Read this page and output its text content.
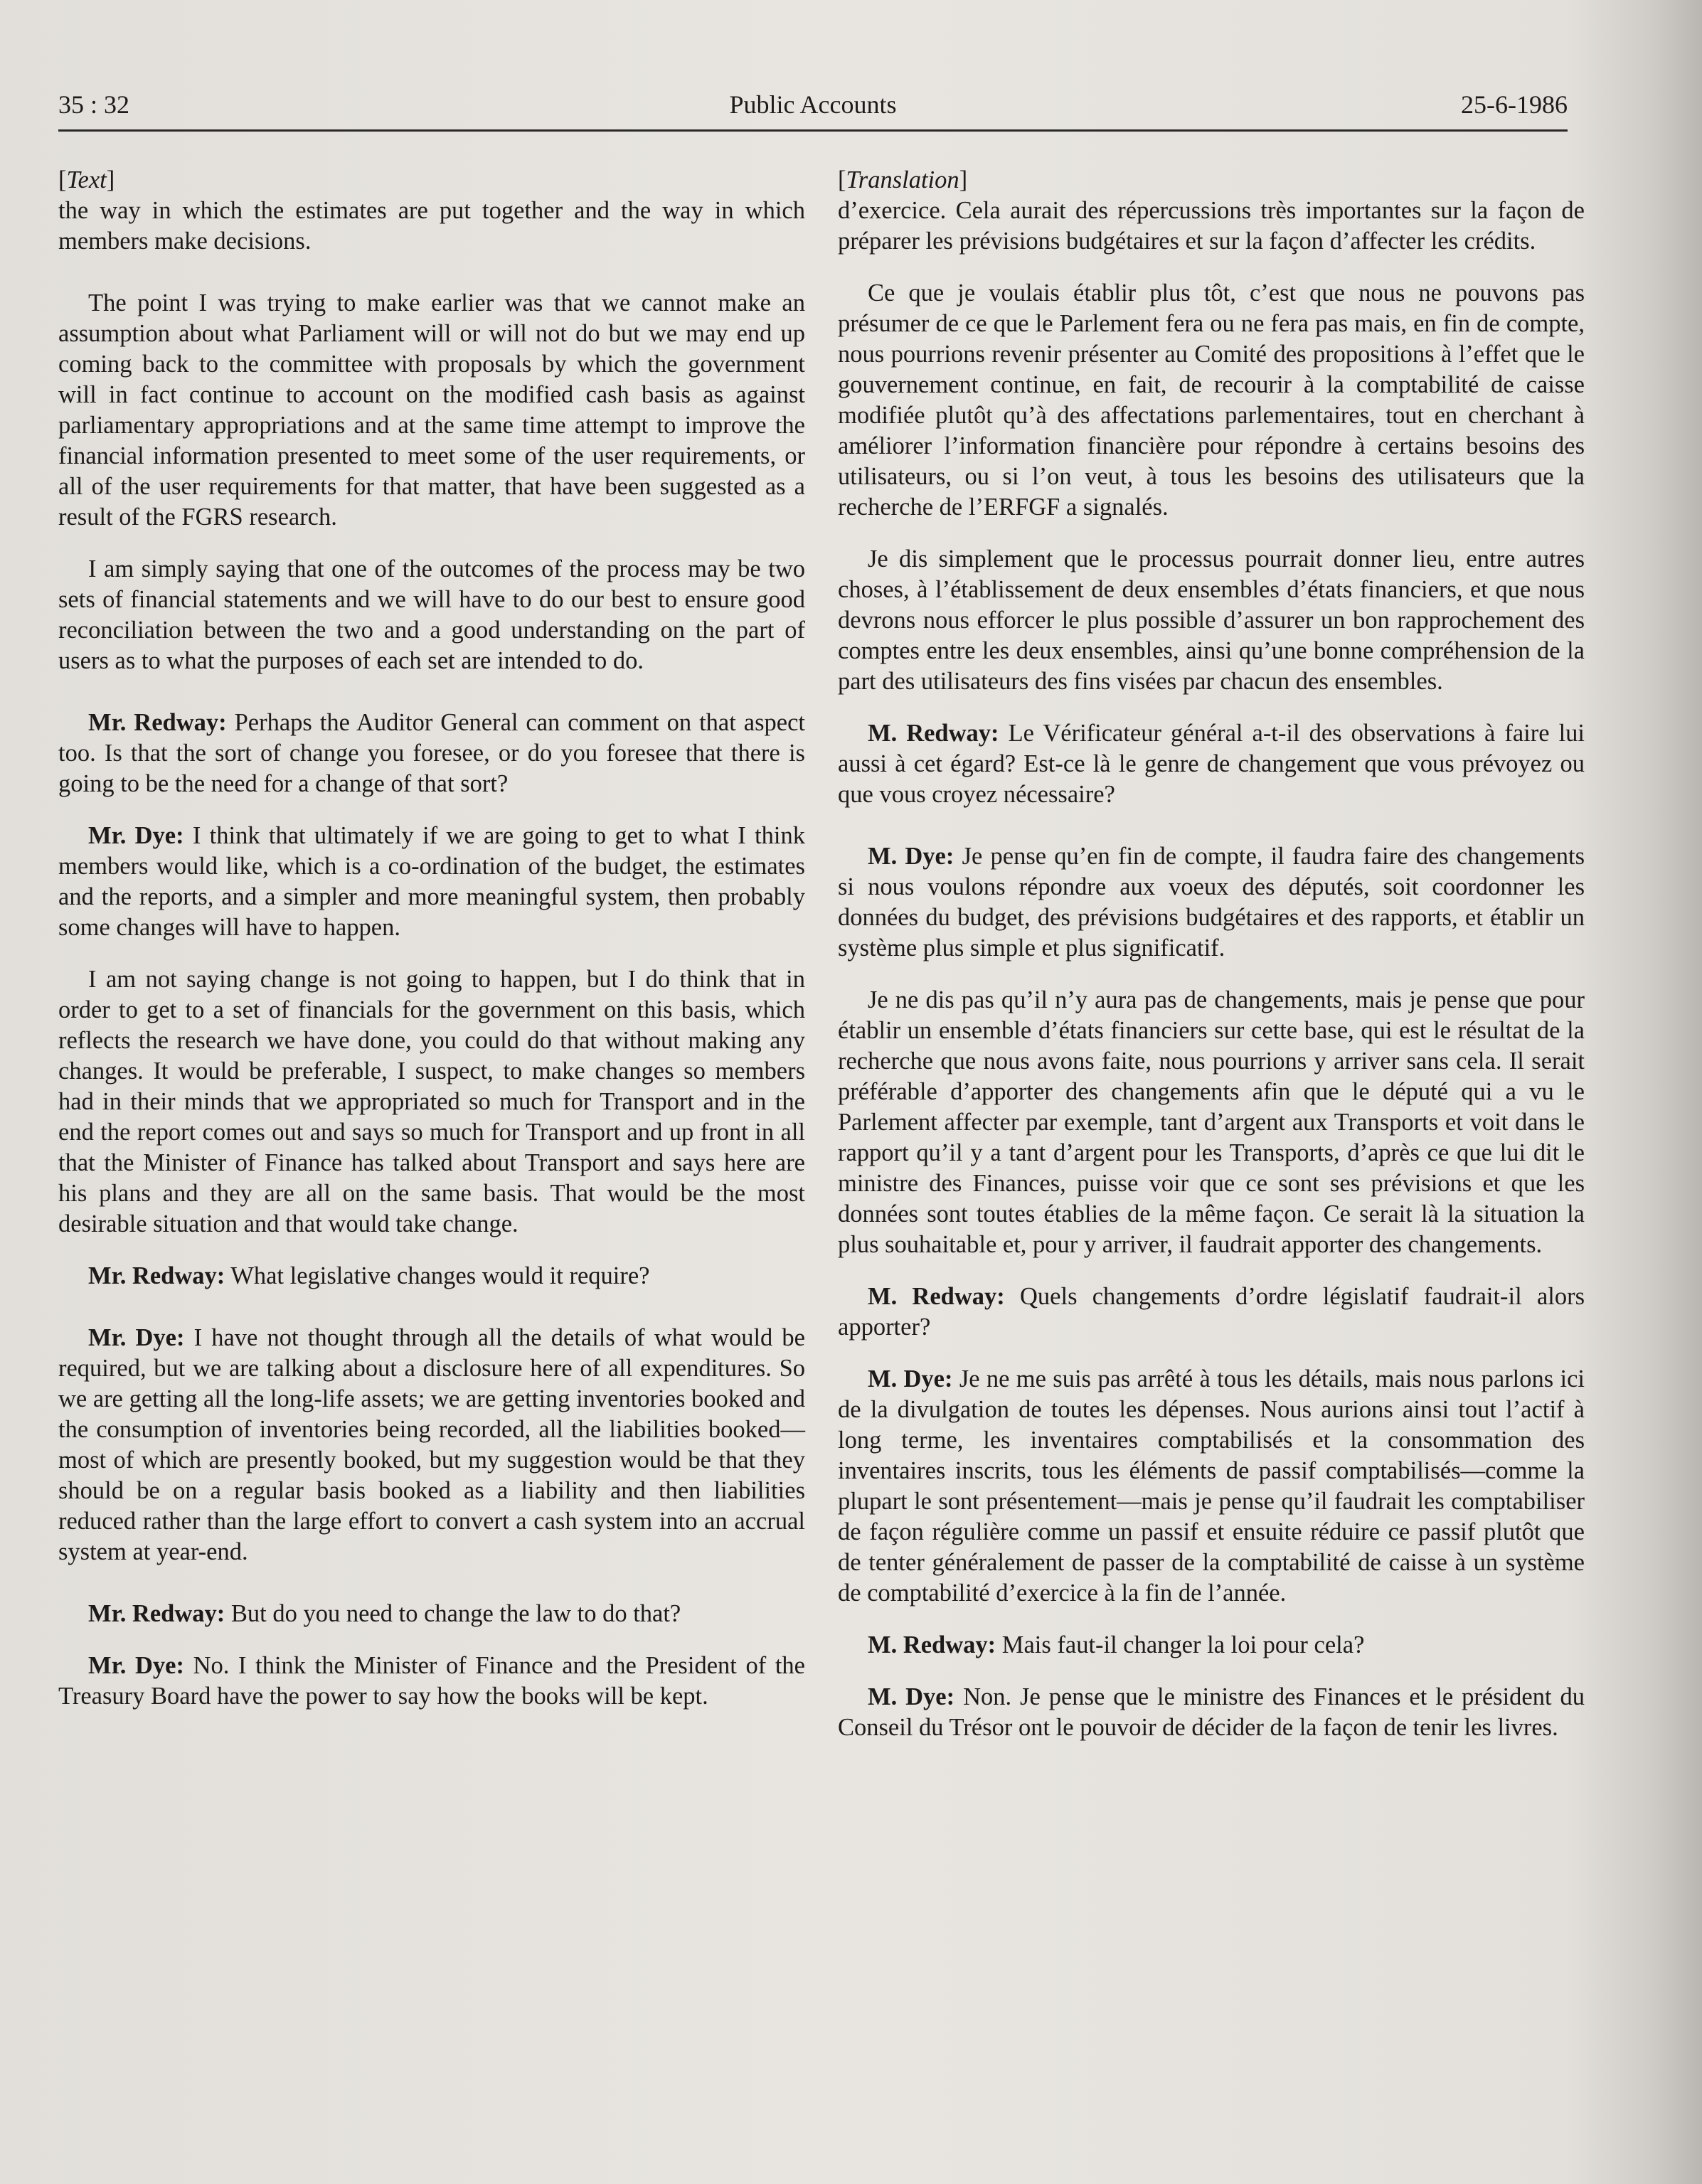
35 : 32	Public Accounts	25-6-1986
[Text]

the way in which the estimates are put together and the way in which members make decisions.

The point I was trying to make earlier was that we cannot make an assumption about what Parliament will or will not do but we may end up coming back to the committee with proposals by which the government will in fact continue to account on the modified cash basis as against parliamentary appropriations and at the same time attempt to improve the financial information presented to meet some of the user requirements, or all of the user requirements for that matter, that have been suggested as a result of the FGRS research.

I am simply saying that one of the outcomes of the process may be two sets of financial statements and we will have to do our best to ensure good reconciliation between the two and a good understanding on the part of users as to what the purposes of each set are intended to do.

Mr. Redway: Perhaps the Auditor General can comment on that aspect too. Is that the sort of change you foresee, or do you foresee that there is going to be the need for a change of that sort?

Mr. Dye: I think that ultimately if we are going to get to what I think members would like, which is a co-ordination of the budget, the estimates and the reports, and a simpler and more meaningful system, then probably some changes will have to happen.

I am not saying change is not going to happen, but I do think that in order to get to a set of financials for the government on this basis, which reflects the research we have done, you could do that without making any changes. It would be preferable, I suspect, to make changes so members had in their minds that we appropriated so much for Transport and in the end the report comes out and says so much for Transport and up front in all that the Minister of Finance has talked about Transport and says here are his plans and they are all on the same basis. That would be the most desirable situation and that would take change.

Mr. Redway: What legislative changes would it require?

Mr. Dye: I have not thought through all the details of what would be required, but we are talking about a disclosure here of all expenditures. So we are getting all the long-life assets; we are getting inventories booked and the consumption of inventories being recorded, all the liabilities booked—most of which are presently booked, but my suggestion would be that they should be on a regular basis booked as a liability and then liabilities reduced rather than the large effort to convert a cash system into an accrual system at year-end.

Mr. Redway: But do you need to change the law to do that?

Mr. Dye: No. I think the Minister of Finance and the President of the Treasury Board have the power to say how the books will be kept.

[Translation]

d’exercice. Cela aurait des répercussions très importantes sur la façon de préparer les prévisions budgétaires et sur la façon d’affecter les crédits.

Ce que je voulais établir plus tôt, c’est que nous ne pouvons pas présumer de ce que le Parlement fera ou ne fera pas mais, en fin de compte, nous pourrions revenir présenter au Comité des propositions à l’effet que le gouvernement continue, en fait, de recourir à la comptabilité de caisse modifiée plutôt qu’à des affectations parlementaires, tout en cherchant à améliorer l’information financière pour répondre à certains besoins des utilisateurs, ou si l’on veut, à tous les besoins des utilisateurs que la recherche de l’ERFGF a signalés.

Je dis simplement que le processus pourrait donner lieu, entre autres choses, à l’établissement de deux ensembles d’états financiers, et que nous devrons nous efforcer le plus possible d’assurer un bon rapprochement des comptes entre les deux ensembles, ainsi qu’une bonne compréhension de la part des utilisateurs des fins visées par chacun des ensembles.

M. Redway: Le Vérificateur général a-t-il des observations à faire lui aussi à cet égard? Est-ce là le genre de changement que vous prévoyez ou que vous croyez nécessaire?

M. Dye: Je pense qu’en fin de compte, il faudra faire des changements si nous voulons répondre aux voeux des députés, soit coordonner les données du budget, des prévisions budgétaires et des rapports, et établir un système plus simple et plus significatif.

Je ne dis pas qu’il n’y aura pas de changements, mais je pense que pour établir un ensemble d’états financiers sur cette base, qui est le résultat de la recherche que nous avons faite, nous pourrions y arriver sans cela. Il serait préférable d’apporter des changements afin que le député qui a vu le Parlement affecter par exemple, tant d’argent aux Transports et voit dans le rapport qu’il y a tant d’argent pour les Transports, d’après ce que lui dit le ministre des Finances, puisse voir que ce sont ses prévisions et que les données sont toutes établies de la même façon. Ce serait là la situation la plus souhaitable et, pour y arriver, il faudrait apporter des changements.

M. Redway: Quels changements d’ordre législatif faudrait-il alors apporter?

M. Dye: Je ne me suis pas arrêté à tous les détails, mais nous parlons ici de la divulgation de toutes les dépenses. Nous aurions ainsi tout l’actif à long terme, les inventaires comptabilisés et la consommation des inventaires inscrits, tous les éléments de passif comptabilisés—comme la plupart le sont présentement—mais je pense qu’il faudrait les comptabiliser de façon régulière comme un passif et ensuite réduire ce passif plutôt que de tenter généralement de passer de la comptabilité de caisse à un système de comptabilité d’exercice à la fin de l’année.

M. Redway: Mais faut-il changer la loi pour cela?

M. Dye: Non. Je pense que le ministre des Finances et le président du Conseil du Trésor ont le pouvoir de décider de la façon de tenir les livres.
